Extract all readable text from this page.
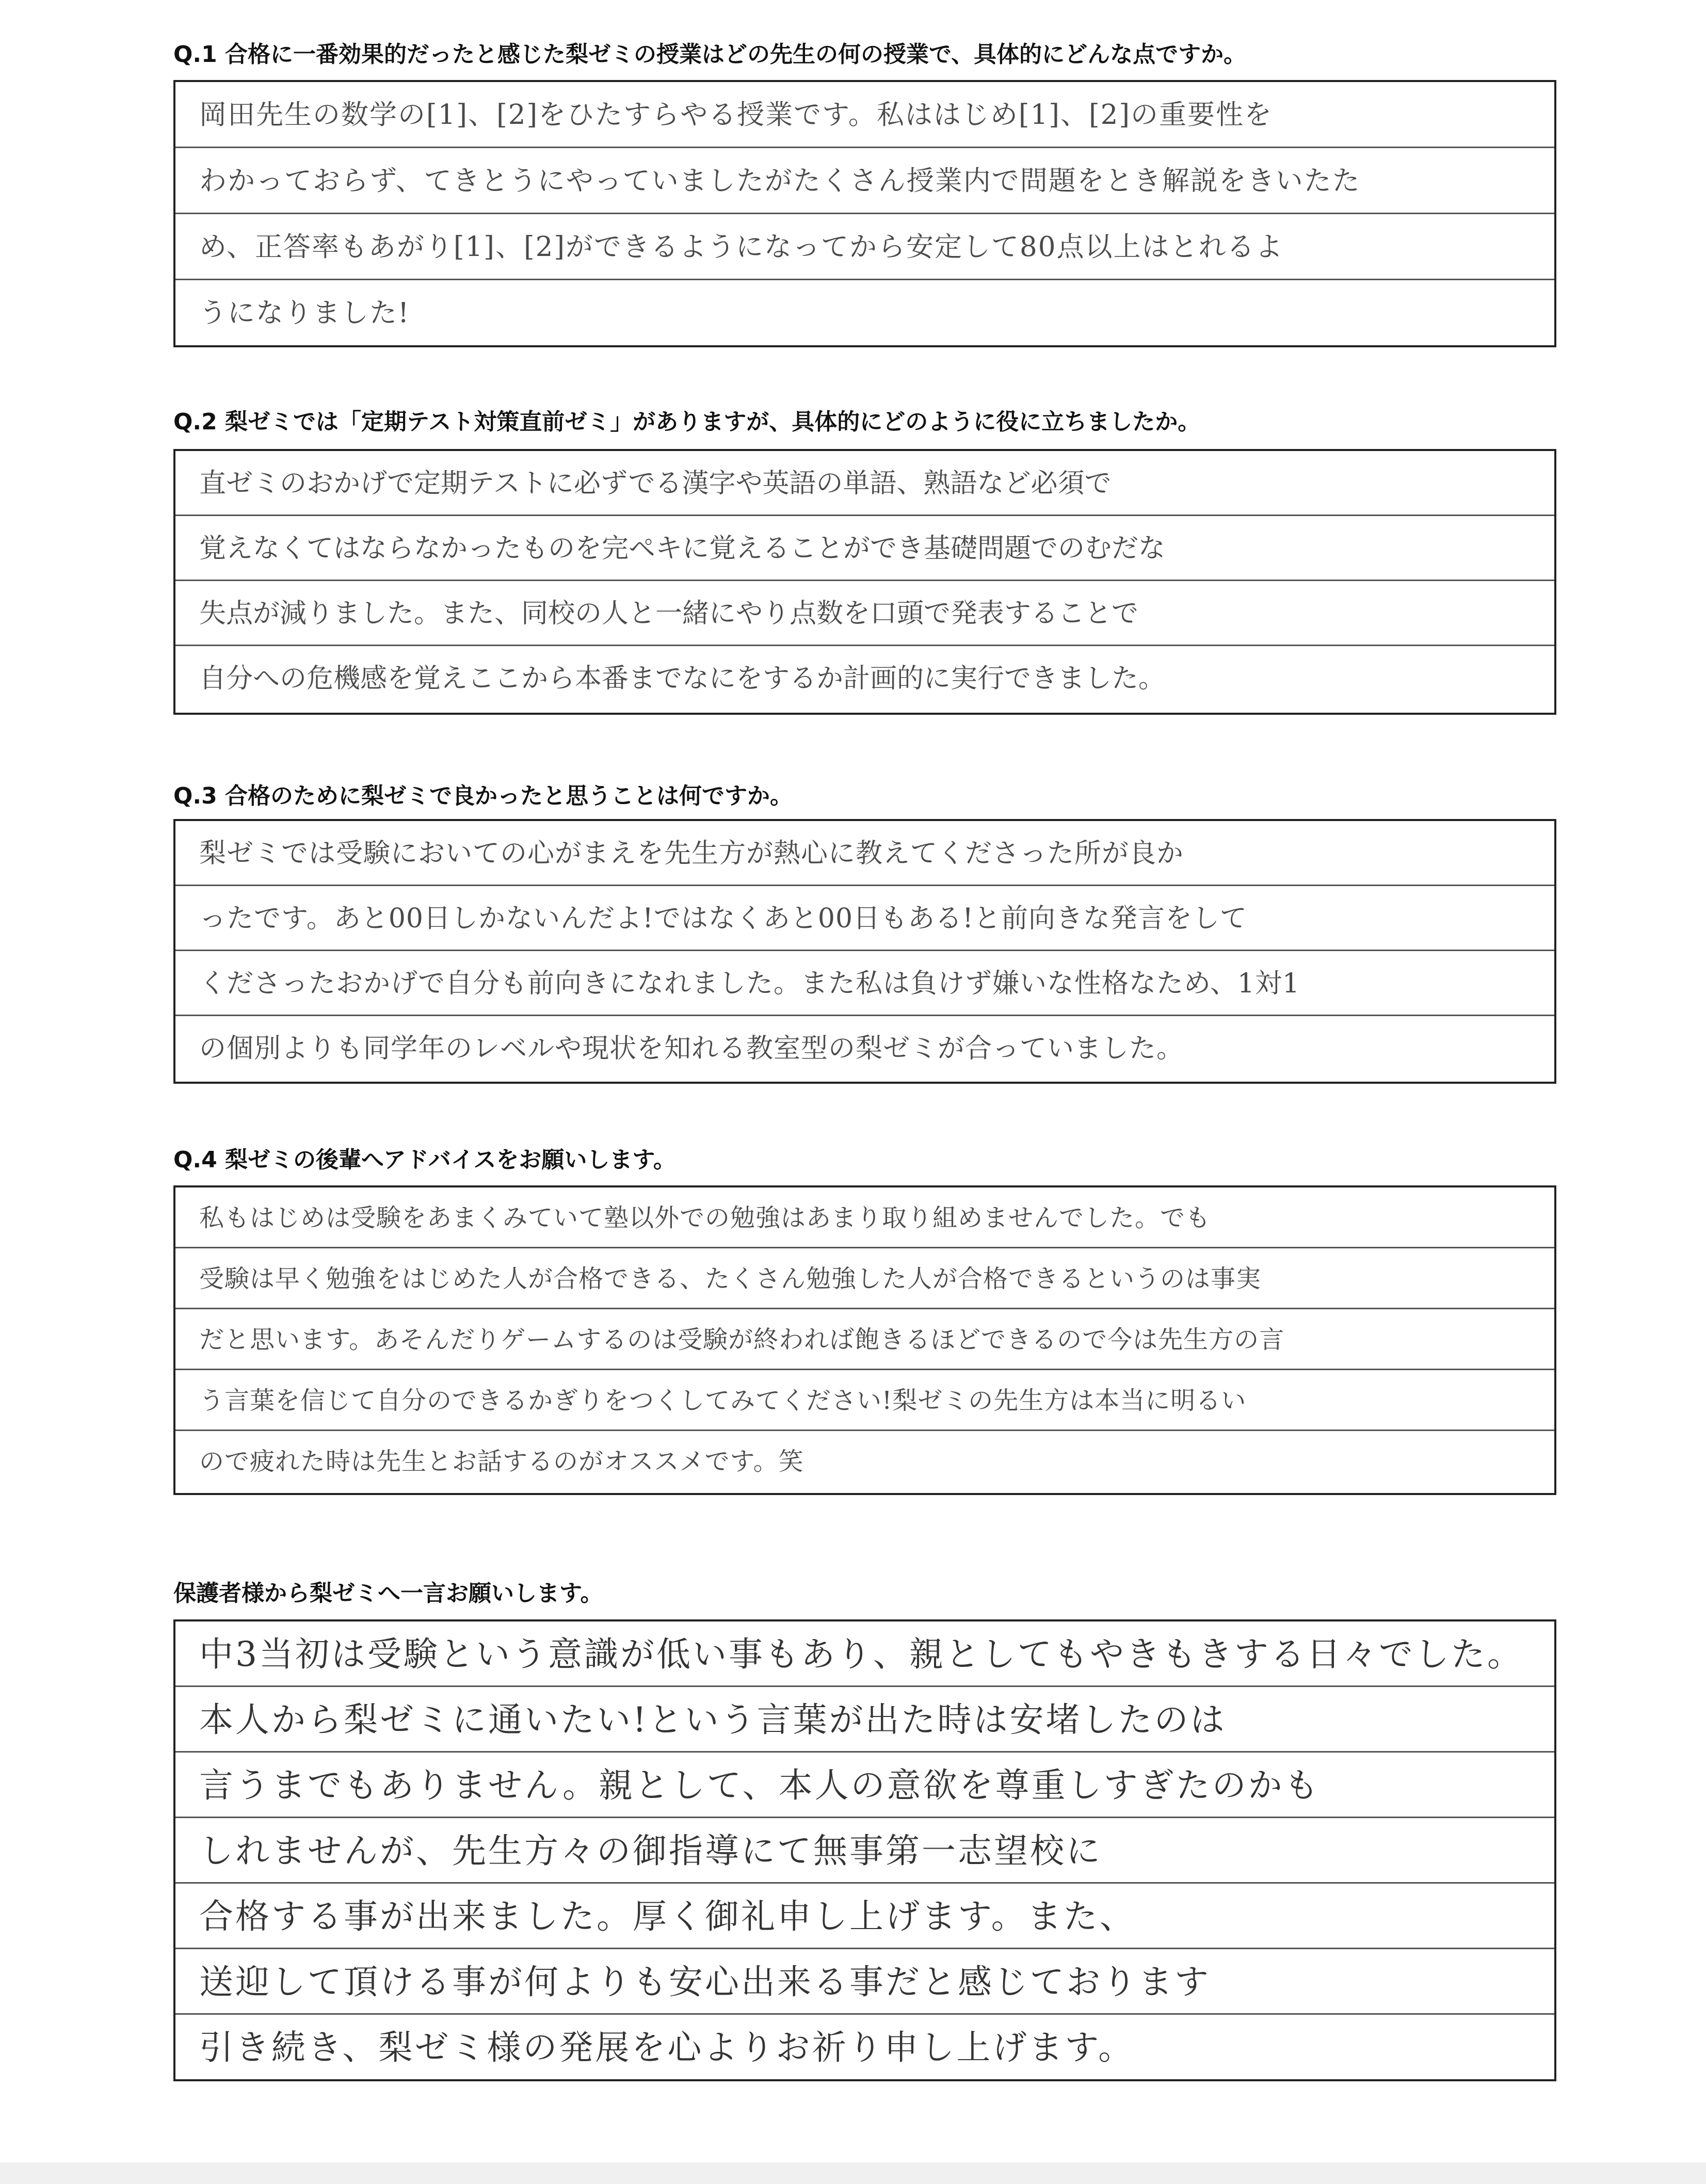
Q.1 合格に一番効果的だったと感じた梨ゼミの授業はどの先生の何の授業で、具体的にどんな点ですか。
岡田先生の数学の[1]、[2]をひたすらやる授業です。私ははじめ[1]、[2]の重要性を
わかっておらず、てきとうにやっていましたがたくさん授業内で問題をとき解説をきいたた
め、正答率もあがり[1]、[2]ができるようになってから安定して80点以上はとれるよ
うになりました!
Q.2 梨ゼミでは「定期テスト対策直前ゼミ」がありますが、具体的にどのように役に立ちましたか。
直ゼミのおかげで定期テストに必ずでる漢字や英語の単語、熟語など必須で
覚えなくてはならなかったものを完ペキに覚えることができ基礎問題でのむだな
失点が減りました。また、同校の人と一緒にやり点数を口頭で発表することで
自分への危機感を覚えここから本番までなにをするか計画的に実行できました。
Q.3 合格のために梨ゼミで良かったと思うことは何ですか。
梨ゼミでは受験においての心がまえを先生方が熱心に教えてくださった所が良か
ったです。あと00日しかないんだよ!ではなくあと00日もある!と前向きな発言をして
くださったおかげで自分も前向きになれました。また私は負けず嫌いな性格なため、1対1
の個別よりも同学年のレベルや現状を知れる教室型の梨ゼミが合っていました。
Q.4 梨ゼミの後輩へアドバイスをお願いします。
私もはじめは受験をあまくみていて塾以外での勉強はあまり取り組めませんでした。でも
受験は早く勉強をはじめた人が合格できる、たくさん勉強した人が合格できるというのは事実
だと思います。あそんだりゲームするのは受験が終われば飽きるほどできるので今は先生方の言
う言葉を信じて自分のできるかぎりをつくしてみてください!梨ゼミの先生方は本当に明るい
ので疲れた時は先生とお話するのがオススメです。笑
保護者様から梨ゼミへ一言お願いします。
中3当初は受験という意識が低い事もあり、親としてもやきもきする日々でした。
本人から梨ゼミに通いたい!という言葉が出た時は安堵したのは
言うまでもありません。親として、本人の意欲を尊重しすぎたのかも
しれませんが、先生方々の御指導にて無事第一志望校に
合格する事が出来ました。厚く御礼申し上げます。また、
送迎して頂ける事が何よりも安心出来る事だと感じております
引き続き、梨ゼミ様の発展を心よりお祈り申し上げます。
